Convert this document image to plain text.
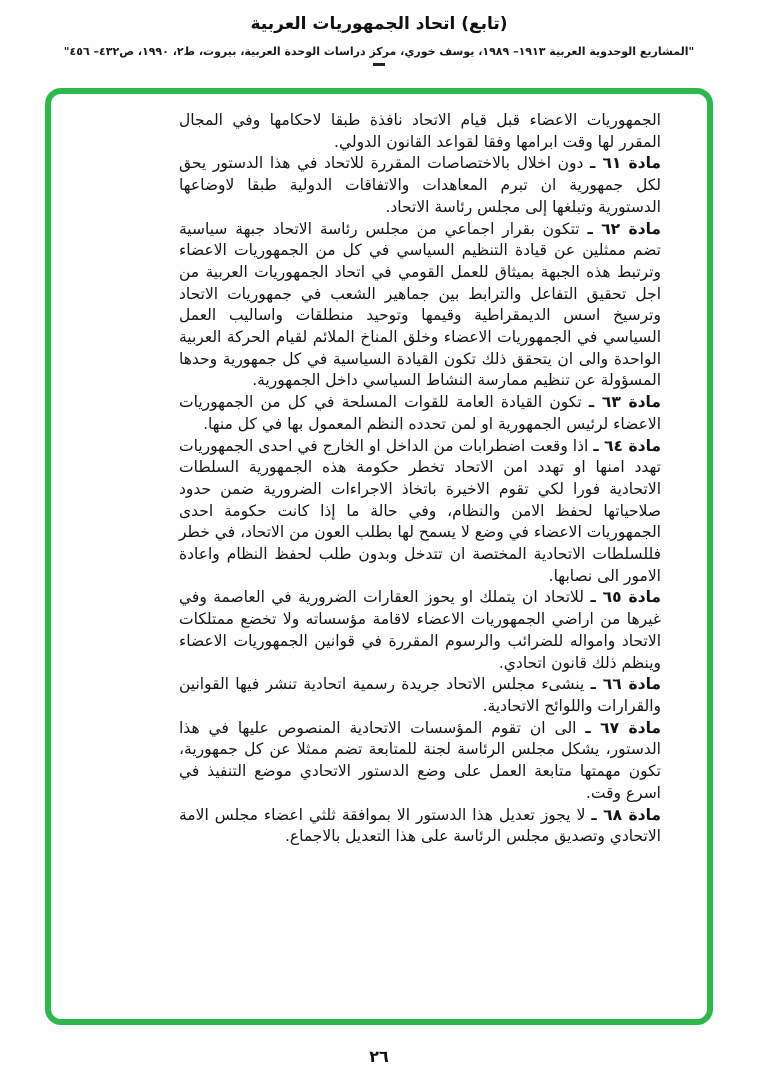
(تابع) اتحاد الجمهوريات العربية
"المشاريع الوحدوية العربية ١٩١٣– ١٩٨٩، يوسف خوري، مركز دراسات الوحدة العربية، بيروت، ط٢، ١٩٩٠، ص٤٣٢– ٤٥٦"

الجمهوريات الاعضاء قبل قيام الاتحاد نافذة طبقا لاحكامها وفي المجال المقرر لها وقت ابرامها وفقا لقواعد القانون الدولي.

مادة ٦١ ـ دون اخلال بالاختصاصات المقررة للاتحاد في هذا الدستور يحق لكل جمهورية ان تبرم المعاهدات والاتفاقات الدولية طبقا لاوضاعها الدستورية وتبلغها إلى مجلس رئاسة الاتحاد.

مادة ٦٢ ـ تتكون بقرار اجماعي من مجلس رئاسة الاتحاد جبهة سياسية تضم ممثلين عن قيادة التنظيم السياسي في كل من الجمهوريات الاعضاء وترتبط هذه الجبهة بميثاق للعمل القومي في اتحاد الجمهوريات العربية من اجل تحقيق التفاعل والترابط بين جماهير الشعب في جمهوريات الاتحاد وترسيخ اسس الديمقراطية وقيمها وتوحيد منطلقات واساليب العمل السياسي في الجمهوريات الاعضاء وخلق المناخ الملائم لقيام الحركة العربية الواحدة والى ان يتحقق ذلك تكون القيادة السياسية في كل جمهورية وحدها المسؤولة عن تنظيم ممارسة النشاط السياسي داخل الجمهورية.

مادة ٦٣ ـ تكون القيادة العامة للقوات المسلحة في كل من الجمهوريات الاعضاء لرئيس الجمهورية او لمن تحدده النظم المعمول بها في كل منها.

مادة ٦٤ ـ اذا وقعت اضطرابات من الداخل او الخارج في احدى الجمهوريات تهدد امنها او تهدد امن الاتحاد تخطر حكومة هذه الجمهورية السلطات الاتحادية فورا لكي تقوم الاخيرة باتخاذ الاجراءات الضرورية ضمن حدود صلاحياتها لحفظ الامن والنظام، وفي حالة ما إذا كانت حكومة احدى الجمهوريات الاعضاء في وضع لا يسمح لها بطلب العون من الاتحاد، في خطر فللسلطات الاتحادية المختصة ان تتدخل وبدون طلب لحفظ النظام واعادة الامور الى نصابها.

مادة ٦٥ ـ للاتحاد ان يتملك او يحوز العقارات الضرورية في العاصمة وفي غيرها من اراضي الجمهوريات الاعضاء لاقامة مؤسساته ولا تخضع ممتلكات الاتحاد وامواله للضرائب والرسوم المقررة في قوانين الجمهوريات الاعضاء وينظم ذلك قانون اتحادي.

مادة ٦٦ ـ ينشىء مجلس الاتحاد جريدة رسمية اتحادية تنشر فيها القوانين والقرارات واللوائح الاتحادية.

مادة ٦٧ ـ الى ان تقوم المؤسسات الاتحادية المنصوص عليها في هذا الدستور، يشكل مجلس الرئاسة لجنة للمتابعة تضم ممثلا عن كل جمهورية، تكون مهمتها متابعة العمل على وضع الدستور الاتحادي موضع التنفيذ في اسرع وقت.

مادة ٦٨ ـ لا يجوز تعديل هذا الدستور الا بموافقة ثلثي اعضاء مجلس الامة الاتحادي وتصديق مجلس الرئاسة على هذا التعديل بالاجماع.

٢٦
